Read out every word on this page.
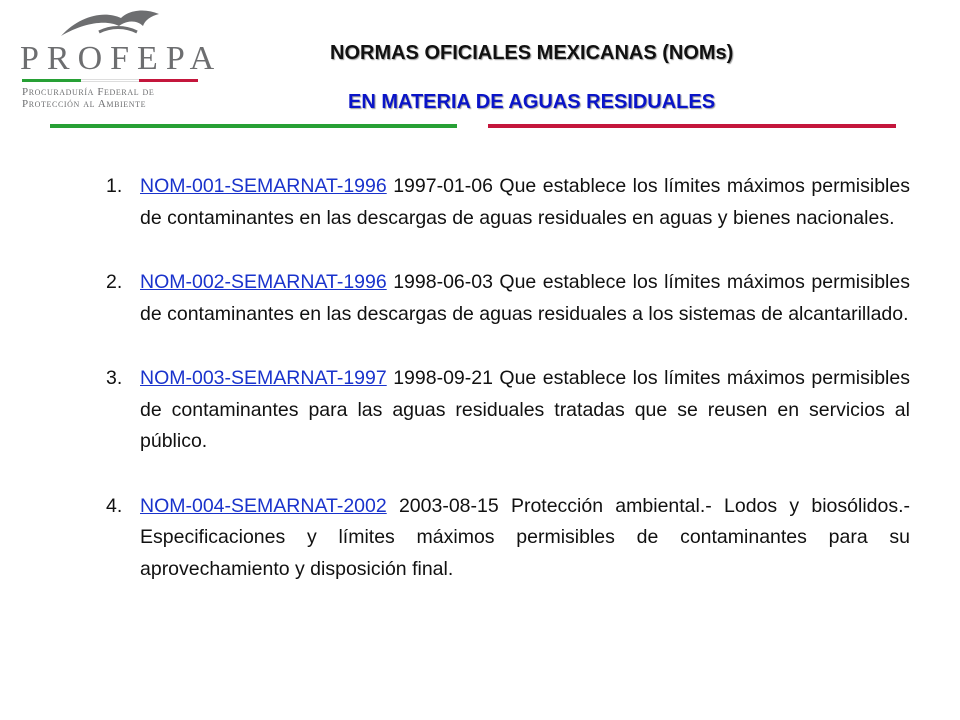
PROFEPA
Procuraduría Federal de
Protección al Ambiente
NORMAS OFICIALES MEXICANAS (NOMs)
EN MATERIA DE AGUAS RESIDUALES
1. NOM-001-SEMARNAT-1996 1997-01-06 Que establece los límites máximos permisibles de contaminantes en las descargas de aguas residuales en aguas y bienes nacionales.
2. NOM-002-SEMARNAT-1996 1998-06-03 Que establece los límites máximos permisibles de contaminantes en las descargas de aguas residuales a los sistemas de alcantarillado.
3. NOM-003-SEMARNAT-1997 1998-09-21 Que establece los límites máximos permisibles de contaminantes para las aguas residuales tratadas que se reusen en servicios al público.
4. NOM-004-SEMARNAT-2002 2003-08-15 Protección ambiental.- Lodos y biosólidos.-Especificaciones y límites máximos permisibles de contaminantes para su aprovechamiento y disposición final.
